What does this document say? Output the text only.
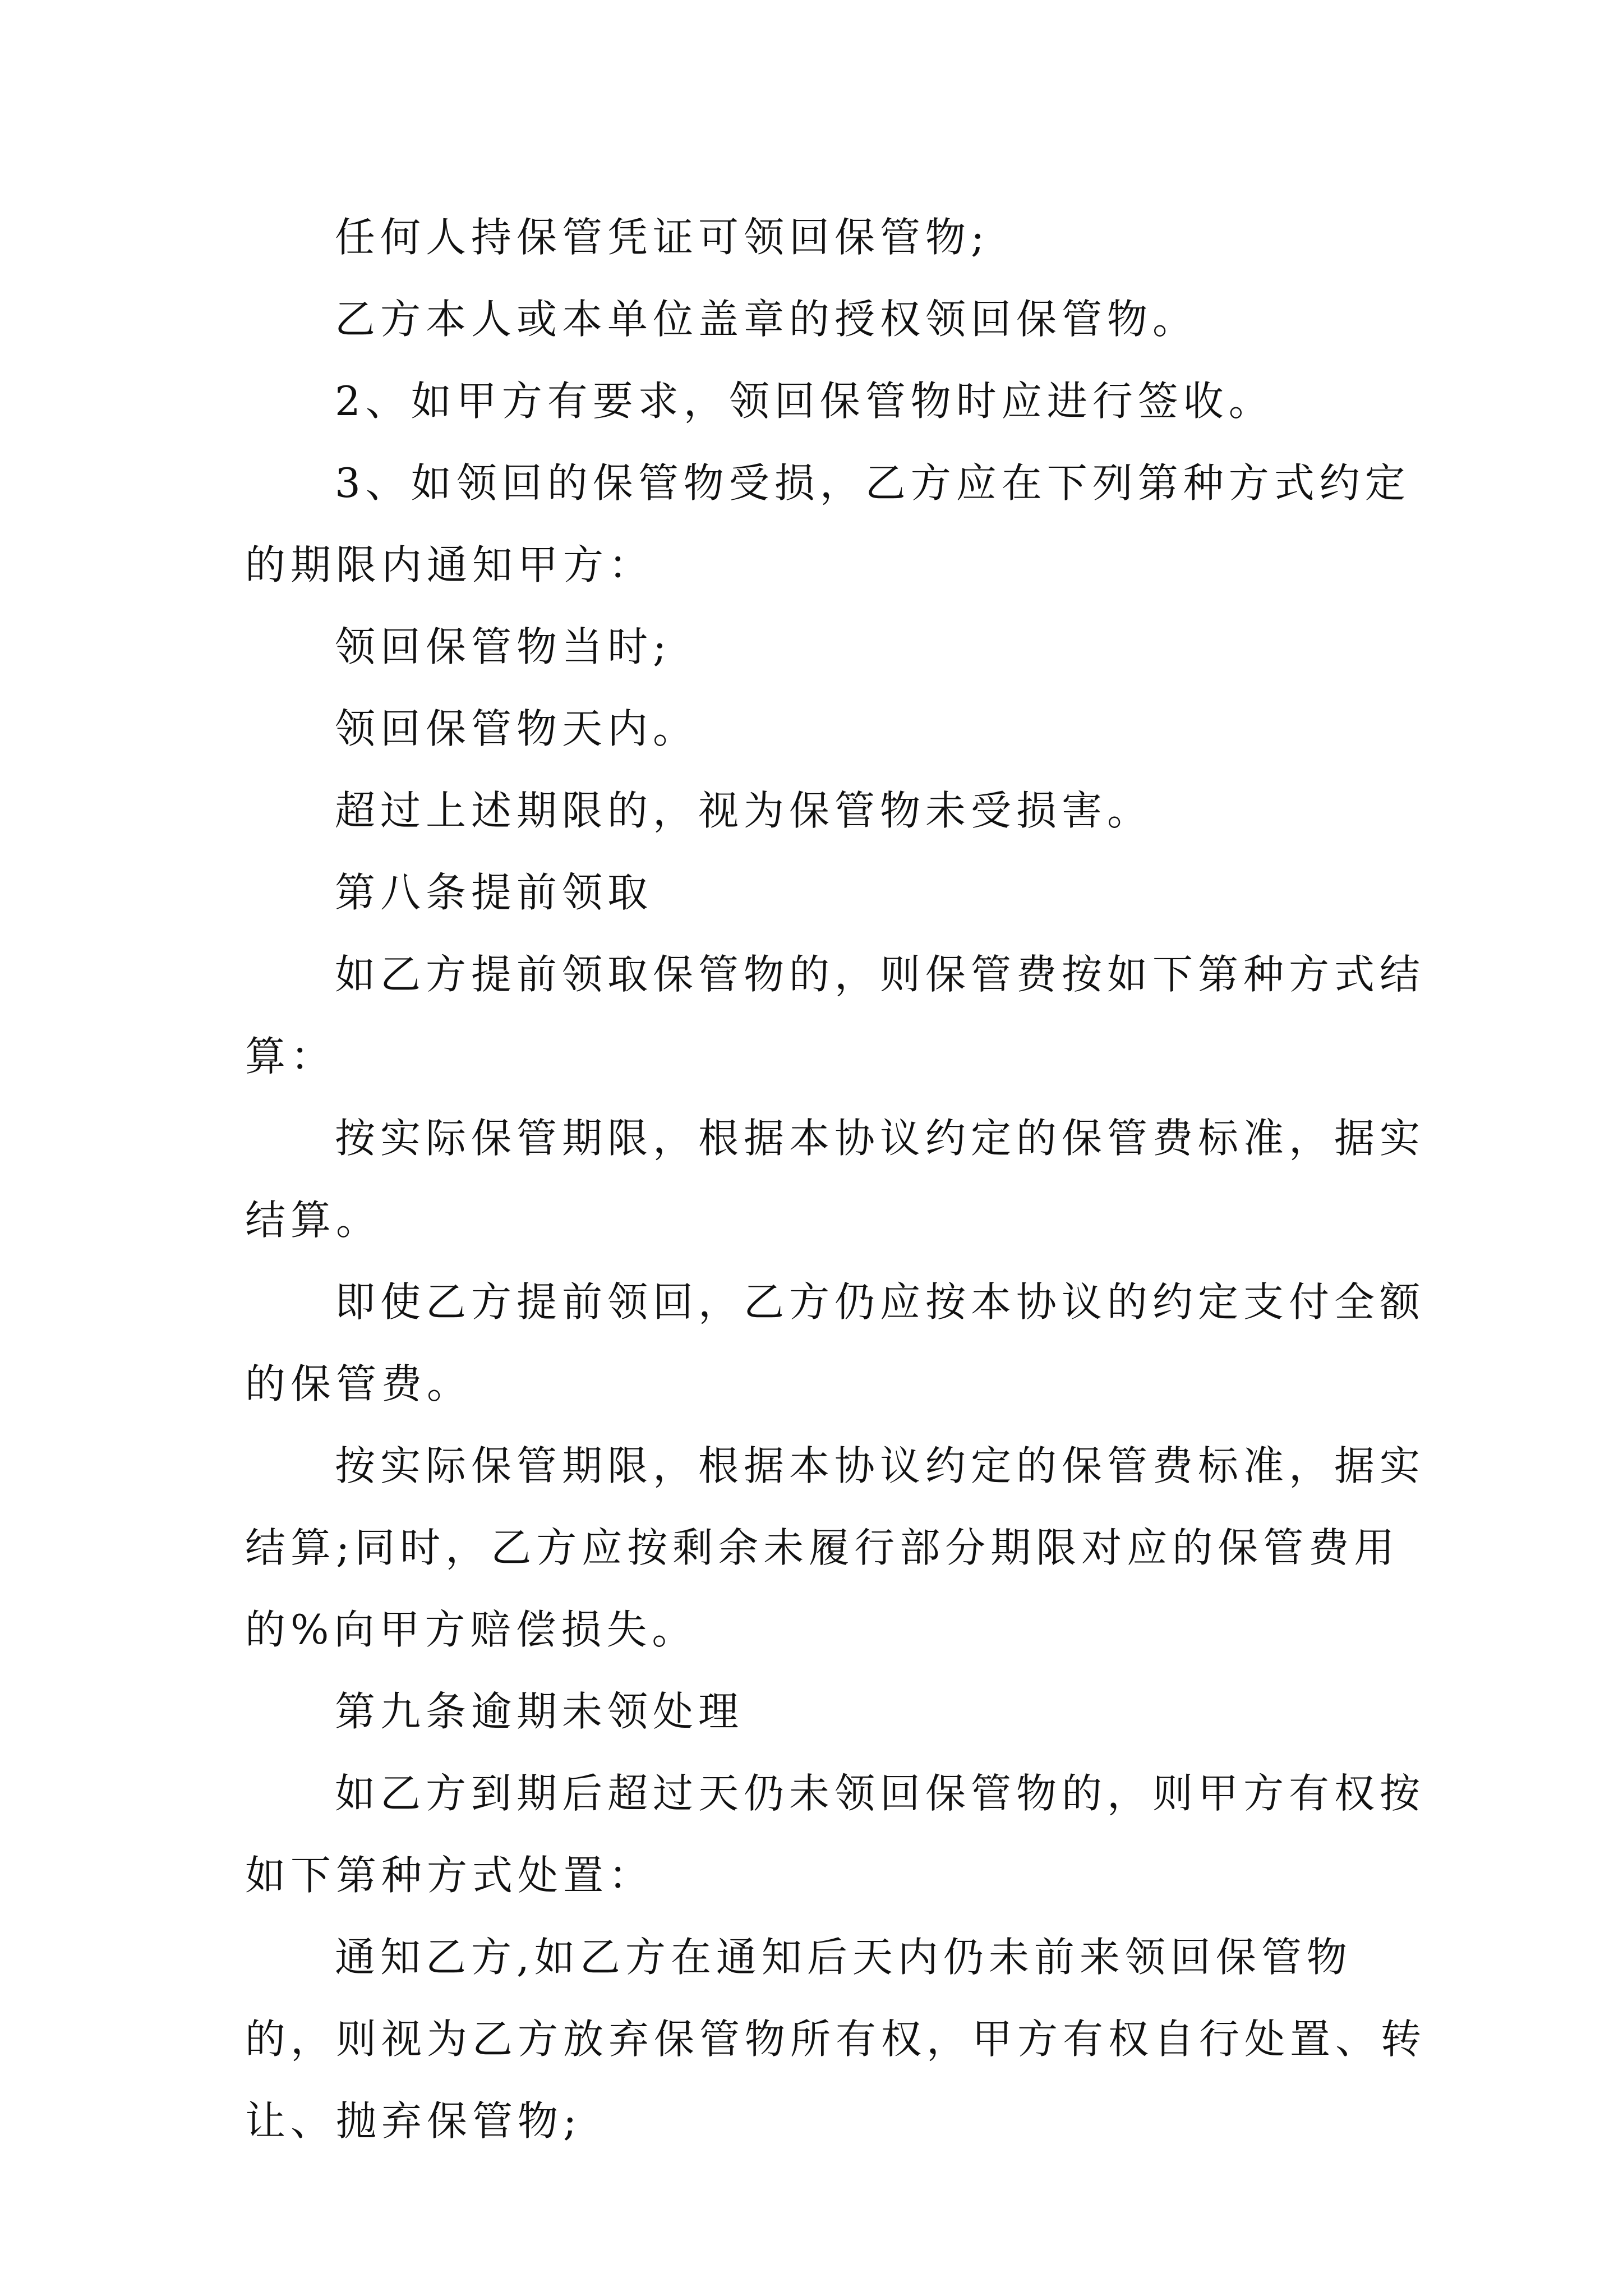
任何人持保管凭证可领回保管物;

乙方本人或本单位盖章的授权领回保管物。

2、如甲方有要求，领回保管物时应进行签收。

3、如领回的保管物受损，乙方应在下列第种方式约定的期限内通知甲方：

领回保管物当时;

领回保管物天内。

超过上述期限的，视为保管物未受损害。

第八条提前领取

如乙方提前领取保管物的，则保管费按如下第种方式结算：

按实际保管期限，根据本协议约定的保管费标准，据实结算。

即使乙方提前领回，乙方仍应按本协议的约定支付全额的保管费。

按实际保管期限，根据本协议约定的保管费标准，据实结算;同时，乙方应按剩余未履行部分期限对应的保管费用的%向甲方赔偿损失。

第九条逾期未领处理

如乙方到期后超过天仍未领回保管物的，则甲方有权按如下第种方式处置：

通知乙方,如乙方在通知后天内仍未前来领回保管物的，则视为乙方放弃保管物所有权，甲方有权自行处置、转让、抛弃保管物;
